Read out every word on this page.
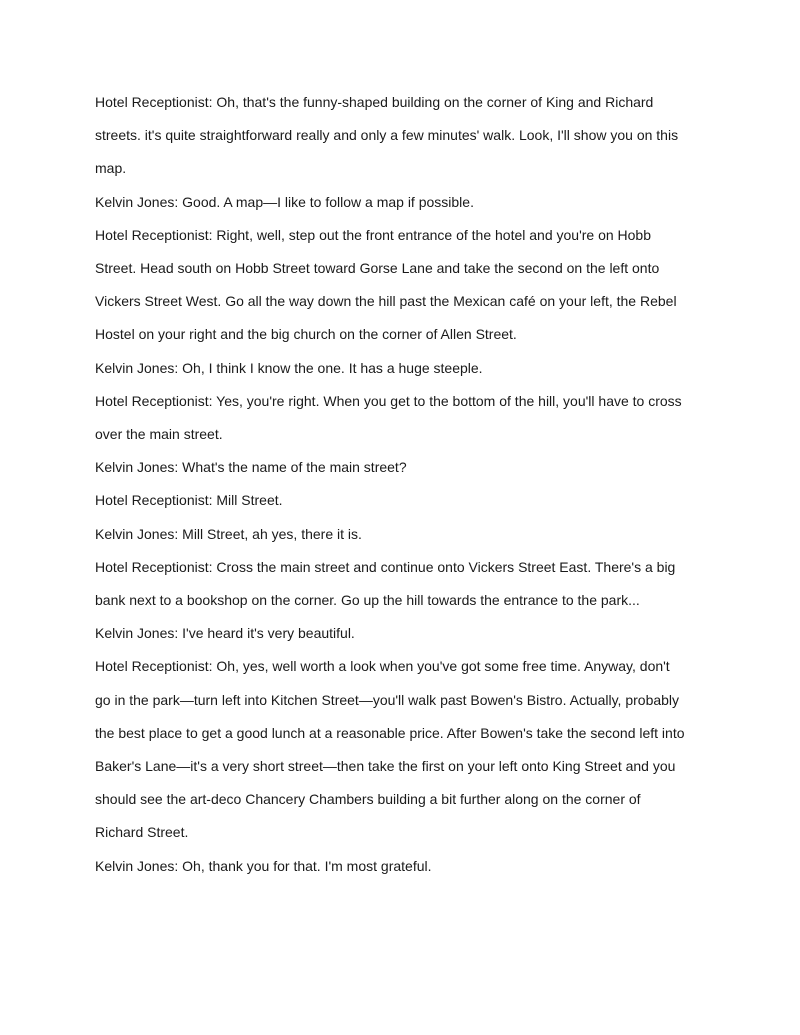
Hotel Receptionist: Oh, that's the funny-shaped building on the corner of King and Richard

streets. it's quite straightforward really and only a few minutes' walk. Look, I'll show you on this

map.

Kelvin Jones: Good. A map—I like to follow a map if possible.

Hotel Receptionist: Right, well, step out the front entrance of the hotel and you're on Hobb

Street. Head south on Hobb Street toward Gorse Lane and take the second on the left onto

Vickers Street West. Go all the way down the hill past the Mexican café on your left, the Rebel

Hostel on your right and the big church on the corner of Allen Street.

Kelvin Jones: Oh, I think I know the one. It has a huge steeple.

Hotel Receptionist: Yes, you're right. When you get to the bottom of the hill, you'll have to cross

over the main street.

Kelvin Jones: What's the name of the main street?

Hotel Receptionist: Mill Street.

Kelvin Jones: Mill Street, ah yes, there it is.

Hotel Receptionist: Cross the main street and continue onto Vickers Street East. There's a big

bank next to a bookshop on the corner. Go up the hill towards the entrance to the park...

Kelvin Jones: I've heard it's very beautiful.

Hotel Receptionist: Oh, yes, well worth a look when you've got some free time. Anyway, don't

go in the park—turn left into Kitchen Street—you'll walk past Bowen's Bistro. Actually, probably

the best place to get a good lunch at a reasonable price. After Bowen's take the second left into

Baker's Lane—it's a very short street—then take the first on your left onto King Street and you

should see the art-deco Chancery Chambers building a bit further along on the corner of

Richard Street.

Kelvin Jones: Oh, thank you for that. I'm most grateful.
